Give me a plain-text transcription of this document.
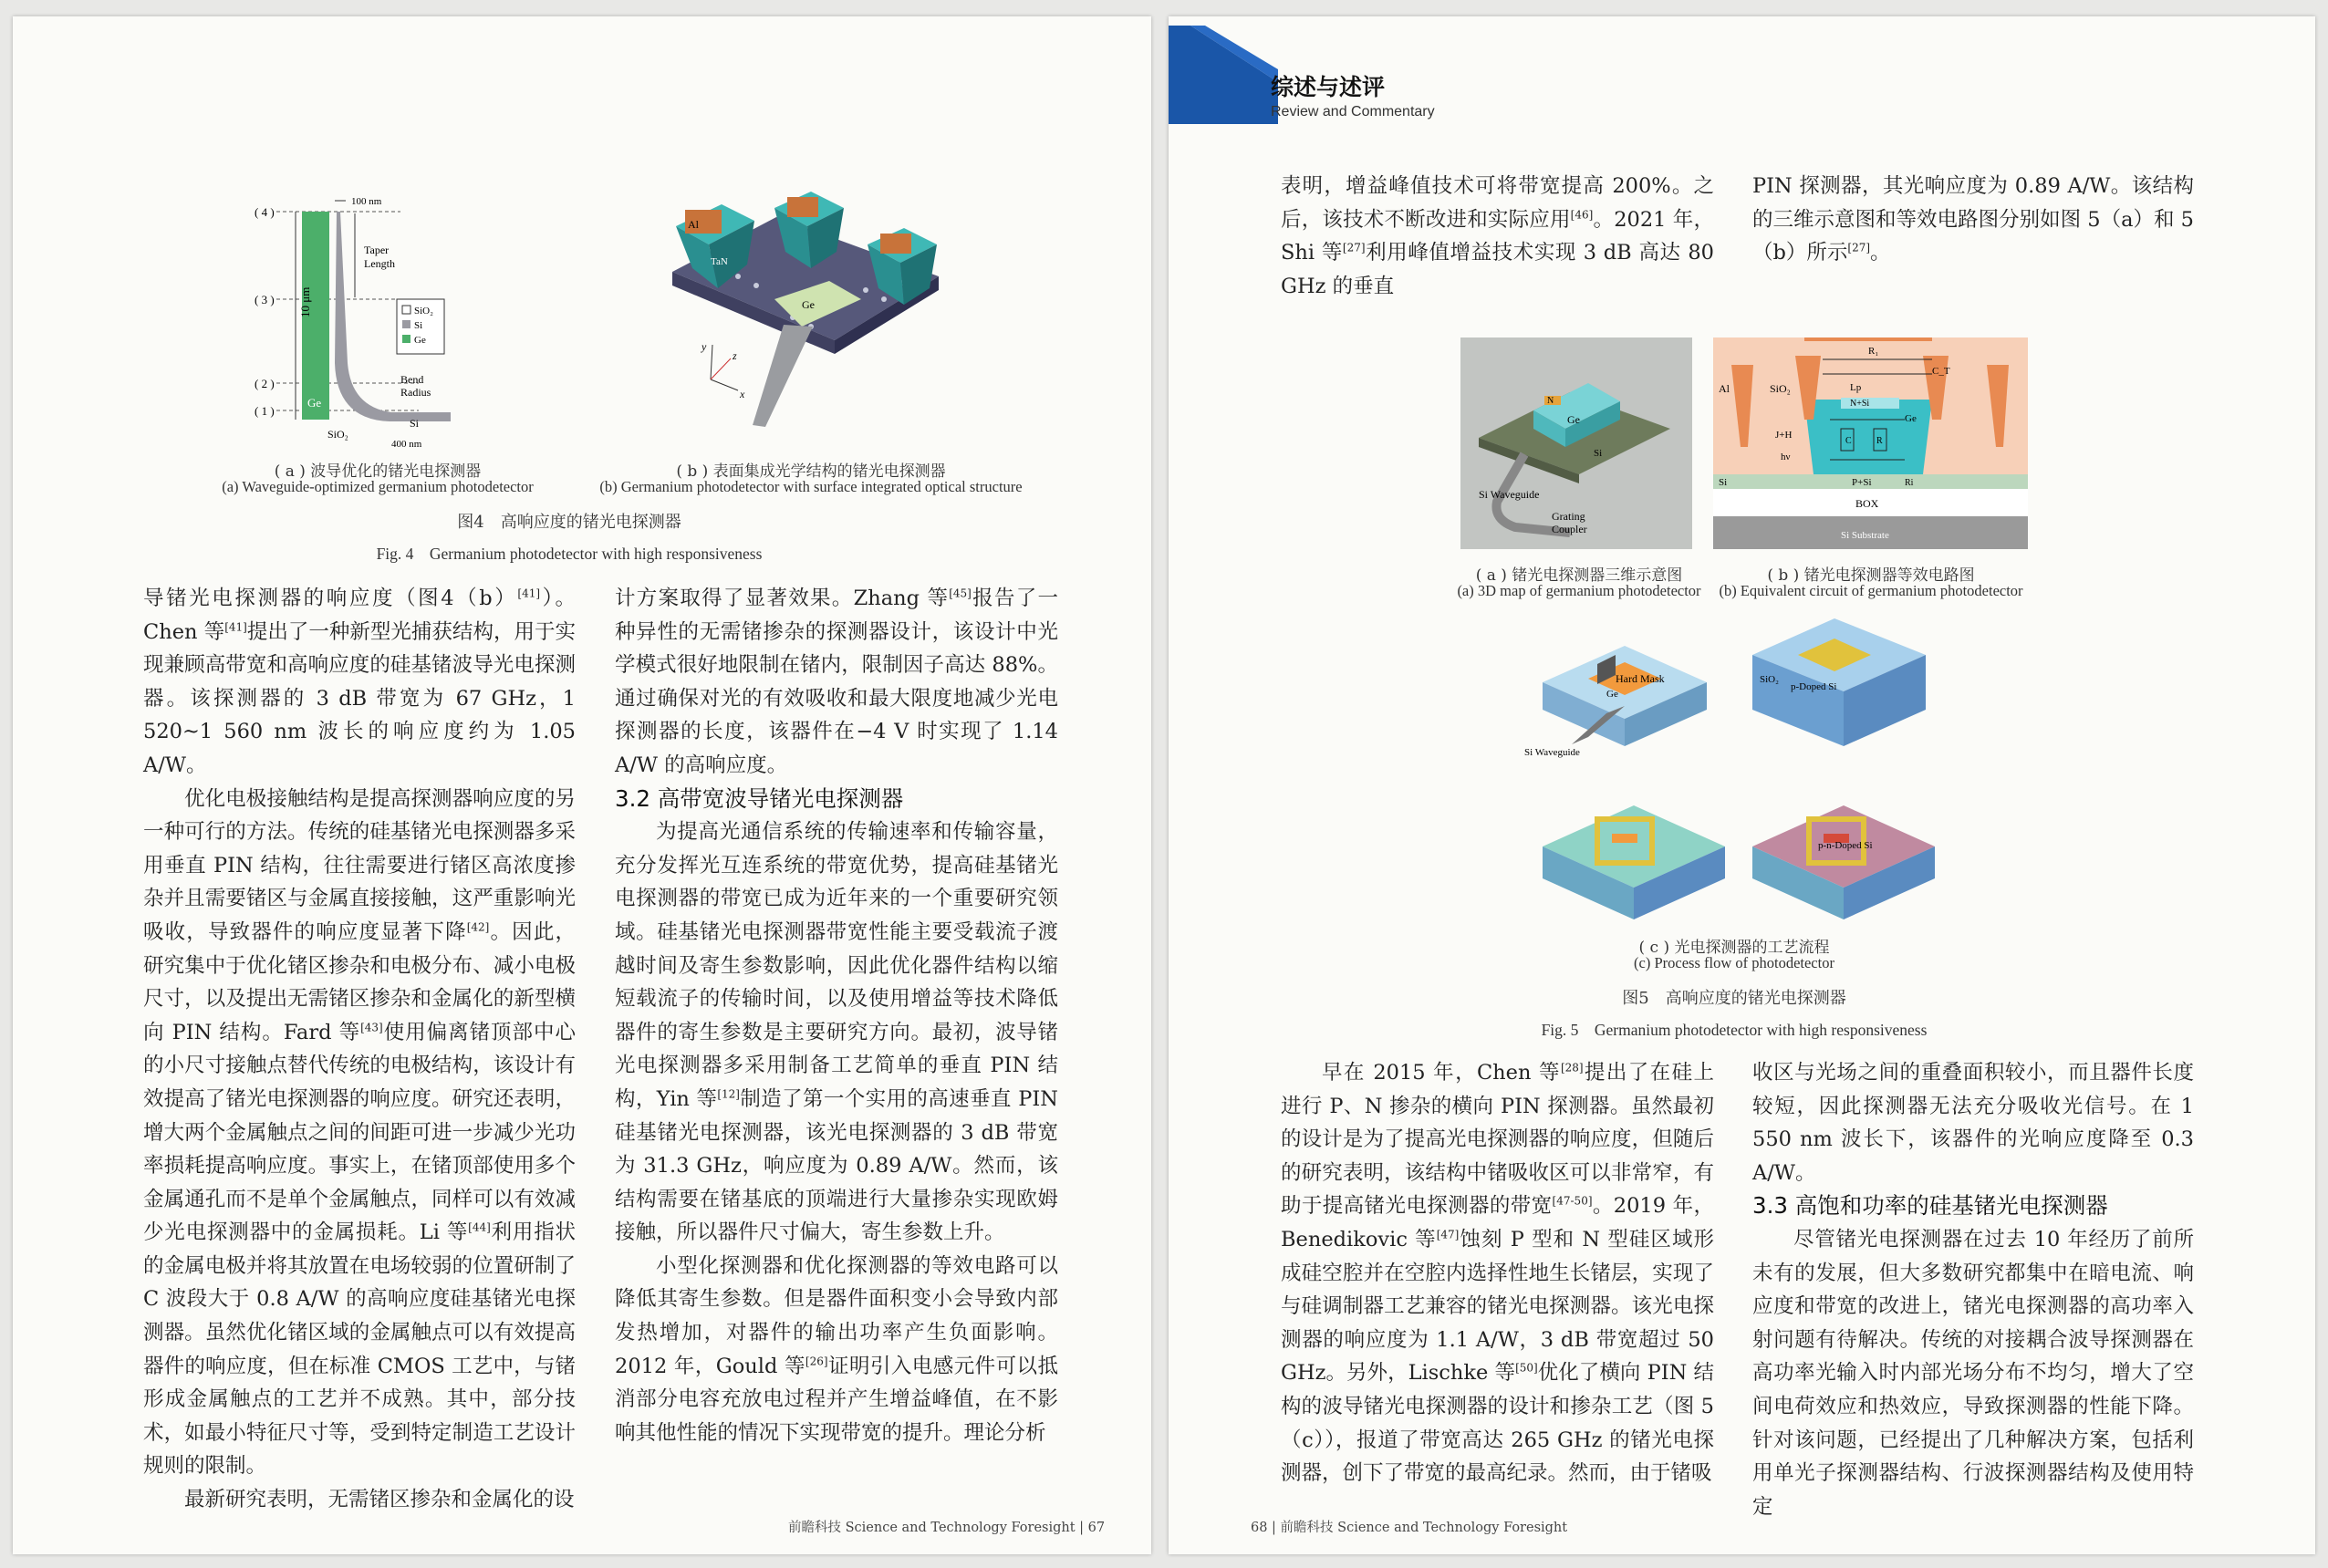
( 4 )
( 3 )
( 2 )
( 1 )
Ge
10 μm
100 nm
Taper
Length
SiO₂
Si
Ge
Bend
Radius
Si
SiO₂
400 nm
( a ) 波导优化的锗光电探测器
(a) Waveguide-optimized germanium photodetector
Ge
Al
TaN
y
x
z
( b ) 表面集成光学结构的锗光电探测器
(b) Germanium photodetector with surface integrated optical structure
图4　高响应度的锗光电探测器
Fig. 4　Germanium photodetector with high responsiveness

导锗光电探测器的响应度（图4（b）[41]）。Chen 等[41]提出了一种新型光捕获结构，用于实现兼顾高带宽和高响应度的硅基锗波导光电探测器。该探测器的 3 dB 带宽为 67 GHz，1 520~1 560 nm 波长的响应度约为 1.05 A/W。

优化电极接触结构是提高探测器响应度的另一种可行的方法。传统的硅基锗光电探测器多采用垂直 PIN 结构，往往需要进行锗区高浓度掺杂并且需要锗区与金属直接接触，这严重影响光吸收，导致器件的响应度显著下降[42]。因此，研究集中于优化锗区掺杂和电极分布、减小电极尺寸，以及提出无需锗区掺杂和金属化的新型横向 PIN 结构。Fard 等[43]使用偏离锗顶部中心的小尺寸接触点替代传统的电极结构，该设计有效提高了锗光电探测器的响应度。研究还表明，增大两个金属触点之间的间距可进一步减少光功率损耗提高响应度。事实上，在锗顶部使用多个金属通孔而不是单个金属触点，同样可以有效减少光电探测器中的金属损耗。Li 等[44]利用指状的金属电极并将其放置在电场较弱的位置研制了 C 波段大于 0.8 A/W 的高响应度硅基锗光电探测器。虽然优化锗区域的金属触点可以有效提高器件的响应度，但在标准 CMOS 工艺中，与锗形成金属触点的工艺并不成熟。其中，部分技术，如最小特征尺寸等，受到特定制造工艺设计规则的限制。

最新研究表明，无需锗区掺杂和金属化的设

计方案取得了显著效果。Zhang 等[45]报告了一种异性的无需锗掺杂的探测器设计，该设计中光学模式很好地限制在锗内，限制因子高达 88%。通过确保对光的有效吸收和最大限度地减少光电探测器的长度，该器件在−4 V 时实现了 1.14 A/W 的高响应度。

3.2 高带宽波导锗光电探测器

为提高光通信系统的传输速率和传输容量，充分发挥光互连系统的带宽优势，提高硅基锗光电探测器的带宽已成为近年来的一个重要研究领域。硅基锗光电探测器带宽性能主要受载流子渡越时间及寄生参数影响，因此优化器件结构以缩短载流子的传输时间，以及使用增益等技术降低器件的寄生参数是主要研究方向。最初，波导锗光电探测器多采用制备工艺简单的垂直 PIN 结构，Yin 等[12]制造了第一个实用的高速垂直 PIN 硅基锗光电探测器，该光电探测器的 3 dB 带宽为 31.3 GHz，响应度为 0.89 A/W。然而，该结构需要在锗基底的顶端进行大量掺杂实现欧姆接触，所以器件尺寸偏大，寄生参数上升。

小型化探测器和优化探测器的等效电路可以降低其寄生参数。但是器件面积变小会导致内部发热增加，对器件的输出功率产生负面影响。2012 年，Gould 等[26]证明引入电感元件可以抵消部分电容充放电过程并产生增益峰值，在不影响其他性能的情况下实现带宽的提升。理论分析

前瞻科技 Science and Technology Foresight | 67
综述与述评
Review and Commentary

表明，增益峰值技术可将带宽提高 200%。之后，该技术不断改进和实际应用[46]。2021 年，Shi 等[27]利用峰值增益技术实现 3 dB 高达 80 GHz 的垂直

PIN 探测器，其光响应度为 0.89 A/W。该结构的三维示意图和等效电路图分别如图 5（a）和 5（b）所示[27]。

N
Ge
Si
Si Waveguide
Grating
Coupler
( a ) 锗光电探测器三维示意图
(a) 3D map of germanium photodetector
Al	SiO₂
N+Si
Ge
J+H
hν
R₁
C_T
Lp
C	R
Ri
Si	P+Si
BOX
Si Substrate
( b ) 锗光电探测器等效电路图
(b) Equivalent circuit of germanium photodetector
Hard Mask
Ge
Si Waveguide
SiO₂
p-Doped Si
p-n-Doped Si
( c ) 光电探测器的工艺流程
(c) Process flow of photodetector
图5　高响应度的锗光电探测器
Fig. 5　Germanium photodetector with high responsiveness

早在 2015 年，Chen 等[28]提出了在硅上进行 P、N 掺杂的横向 PIN 探测器。虽然最初的设计是为了提高光电探测器的响应度，但随后的研究表明，该结构中锗吸收区可以非常窄，有助于提高锗光电探测器的带宽[47-50]。2019 年，Benedikovic 等[47]蚀刻 P 型和 N 型硅区域形成硅空腔并在空腔内选择性地生长锗层，实现了与硅调制器工艺兼容的锗光电探测器。该光电探测器的响应度为 1.1 A/W，3 dB 带宽超过 50 GHz。另外，Lischke 等[50]优化了横向 PIN 结构的波导锗光电探测器的设计和掺杂工艺（图 5（c）），报道了带宽高达 265 GHz 的锗光电探测器，创下了带宽的最高纪录。然而，由于锗吸

收区与光场之间的重叠面积较小，而且器件长度较短，因此探测器无法充分吸收光信号。在 1 550 nm 波长下，该器件的光响应度降至 0.3 A/W。

3.3 高饱和功率的硅基锗光电探测器

尽管锗光电探测器在过去 10 年经历了前所未有的发展，但大多数研究都集中在暗电流、响应度和带宽的改进上，锗光电探测器的高功率入射问题有待解决。传统的对接耦合波导探测器在高功率光输入时内部光场分布不均匀，增大了空间电荷效应和热效应，导致探测器的性能下降。针对该问题，已经提出了几种解决方案，包括利用单光子探测器结构、行波探测器结构及使用特定

68 | 前瞻科技 Science and Technology Foresight
